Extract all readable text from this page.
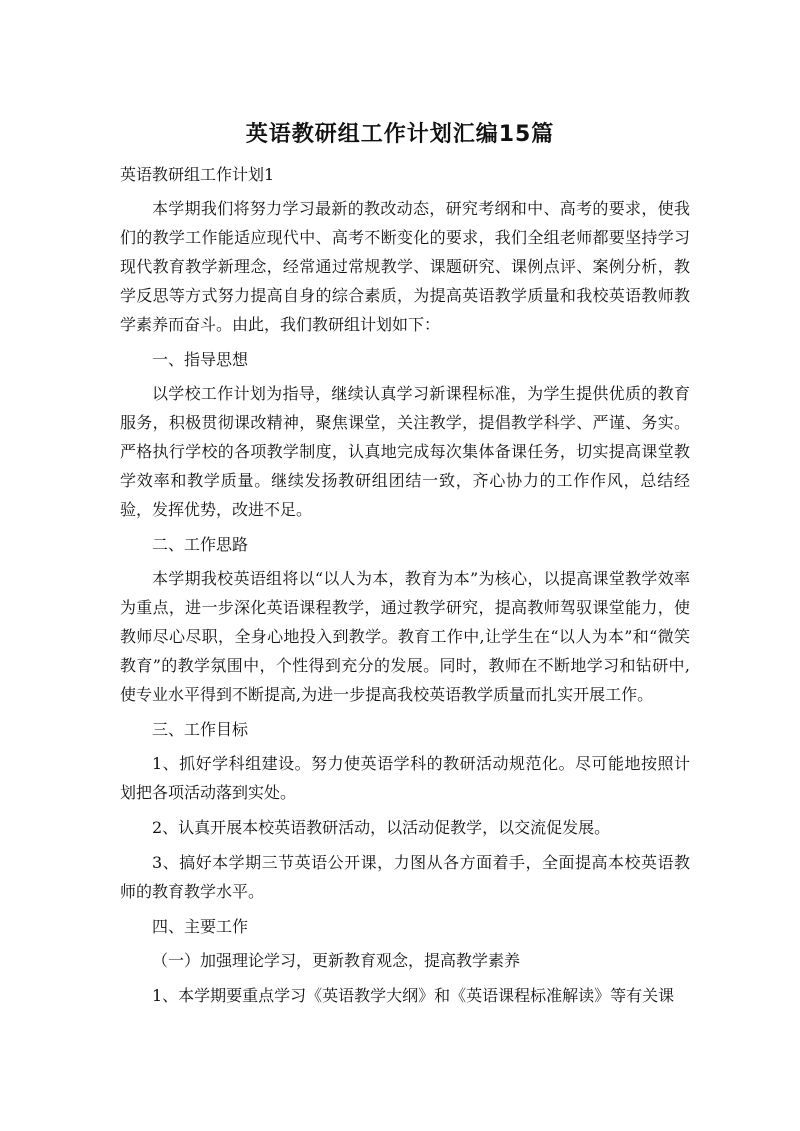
英语教研组工作计划汇编15篇

英语教研组工作计划1

本学期我们将努力学习最新的教改动态，研究考纲和中、高考的要求，使我们的教学工作能适应现代中、高考不断变化的要求，我们全组老师都要坚持学习现代教育教学新理念，经常通过常规教学、课题研究、课例点评、案例分析，教学反思等方式努力提高自身的综合素质，为提高英语教学质量和我校英语教师教学素养而奋斗。由此，我们教研组计划如下：

一、指导思想

以学校工作计划为指导，继续认真学习新课程标准，为学生提供优质的教育服务，积极贯彻课改精神，聚焦课堂，关注教学，提倡教学科学、严谨、务实。严格执行学校的各项教学制度，认真地完成每次集体备课任务，切实提高课堂教学效率和教学质量。继续发扬教研组团结一致，齐心协力的工作作风，总结经验，发挥优势，改进不足。

二、工作思路

本学期我校英语组将以“以人为本，教育为本”为核心，以提高课堂教学效率为重点，进一步深化英语课程教学，通过教学研究，提高教师驾驭课堂能力，使教师尽心尽职，全身心地投入到教学。教育工作中,让学生在“以人为本”和“微笑教育”的教学氛围中，个性得到充分的发展。同时，教师在不断地学习和钻研中,使专业水平得到不断提高,为进一步提高我校英语教学质量而扎实开展工作。

三、工作目标

1、抓好学科组建设。努力使英语学科的教研活动规范化。尽可能地按照计划把各项活动落到实处。

2、认真开展本校英语教研活动，以活动促教学，以交流促发展。

3、搞好本学期三节英语公开课，力图从各方面着手，全面提高本校英语教师的教育教学水平。

四、主要工作

（一）加强理论学习，更新教育观念，提高教学素养

1、本学期要重点学习《英语教学大纲》和《英语课程标准解读》等有关课
